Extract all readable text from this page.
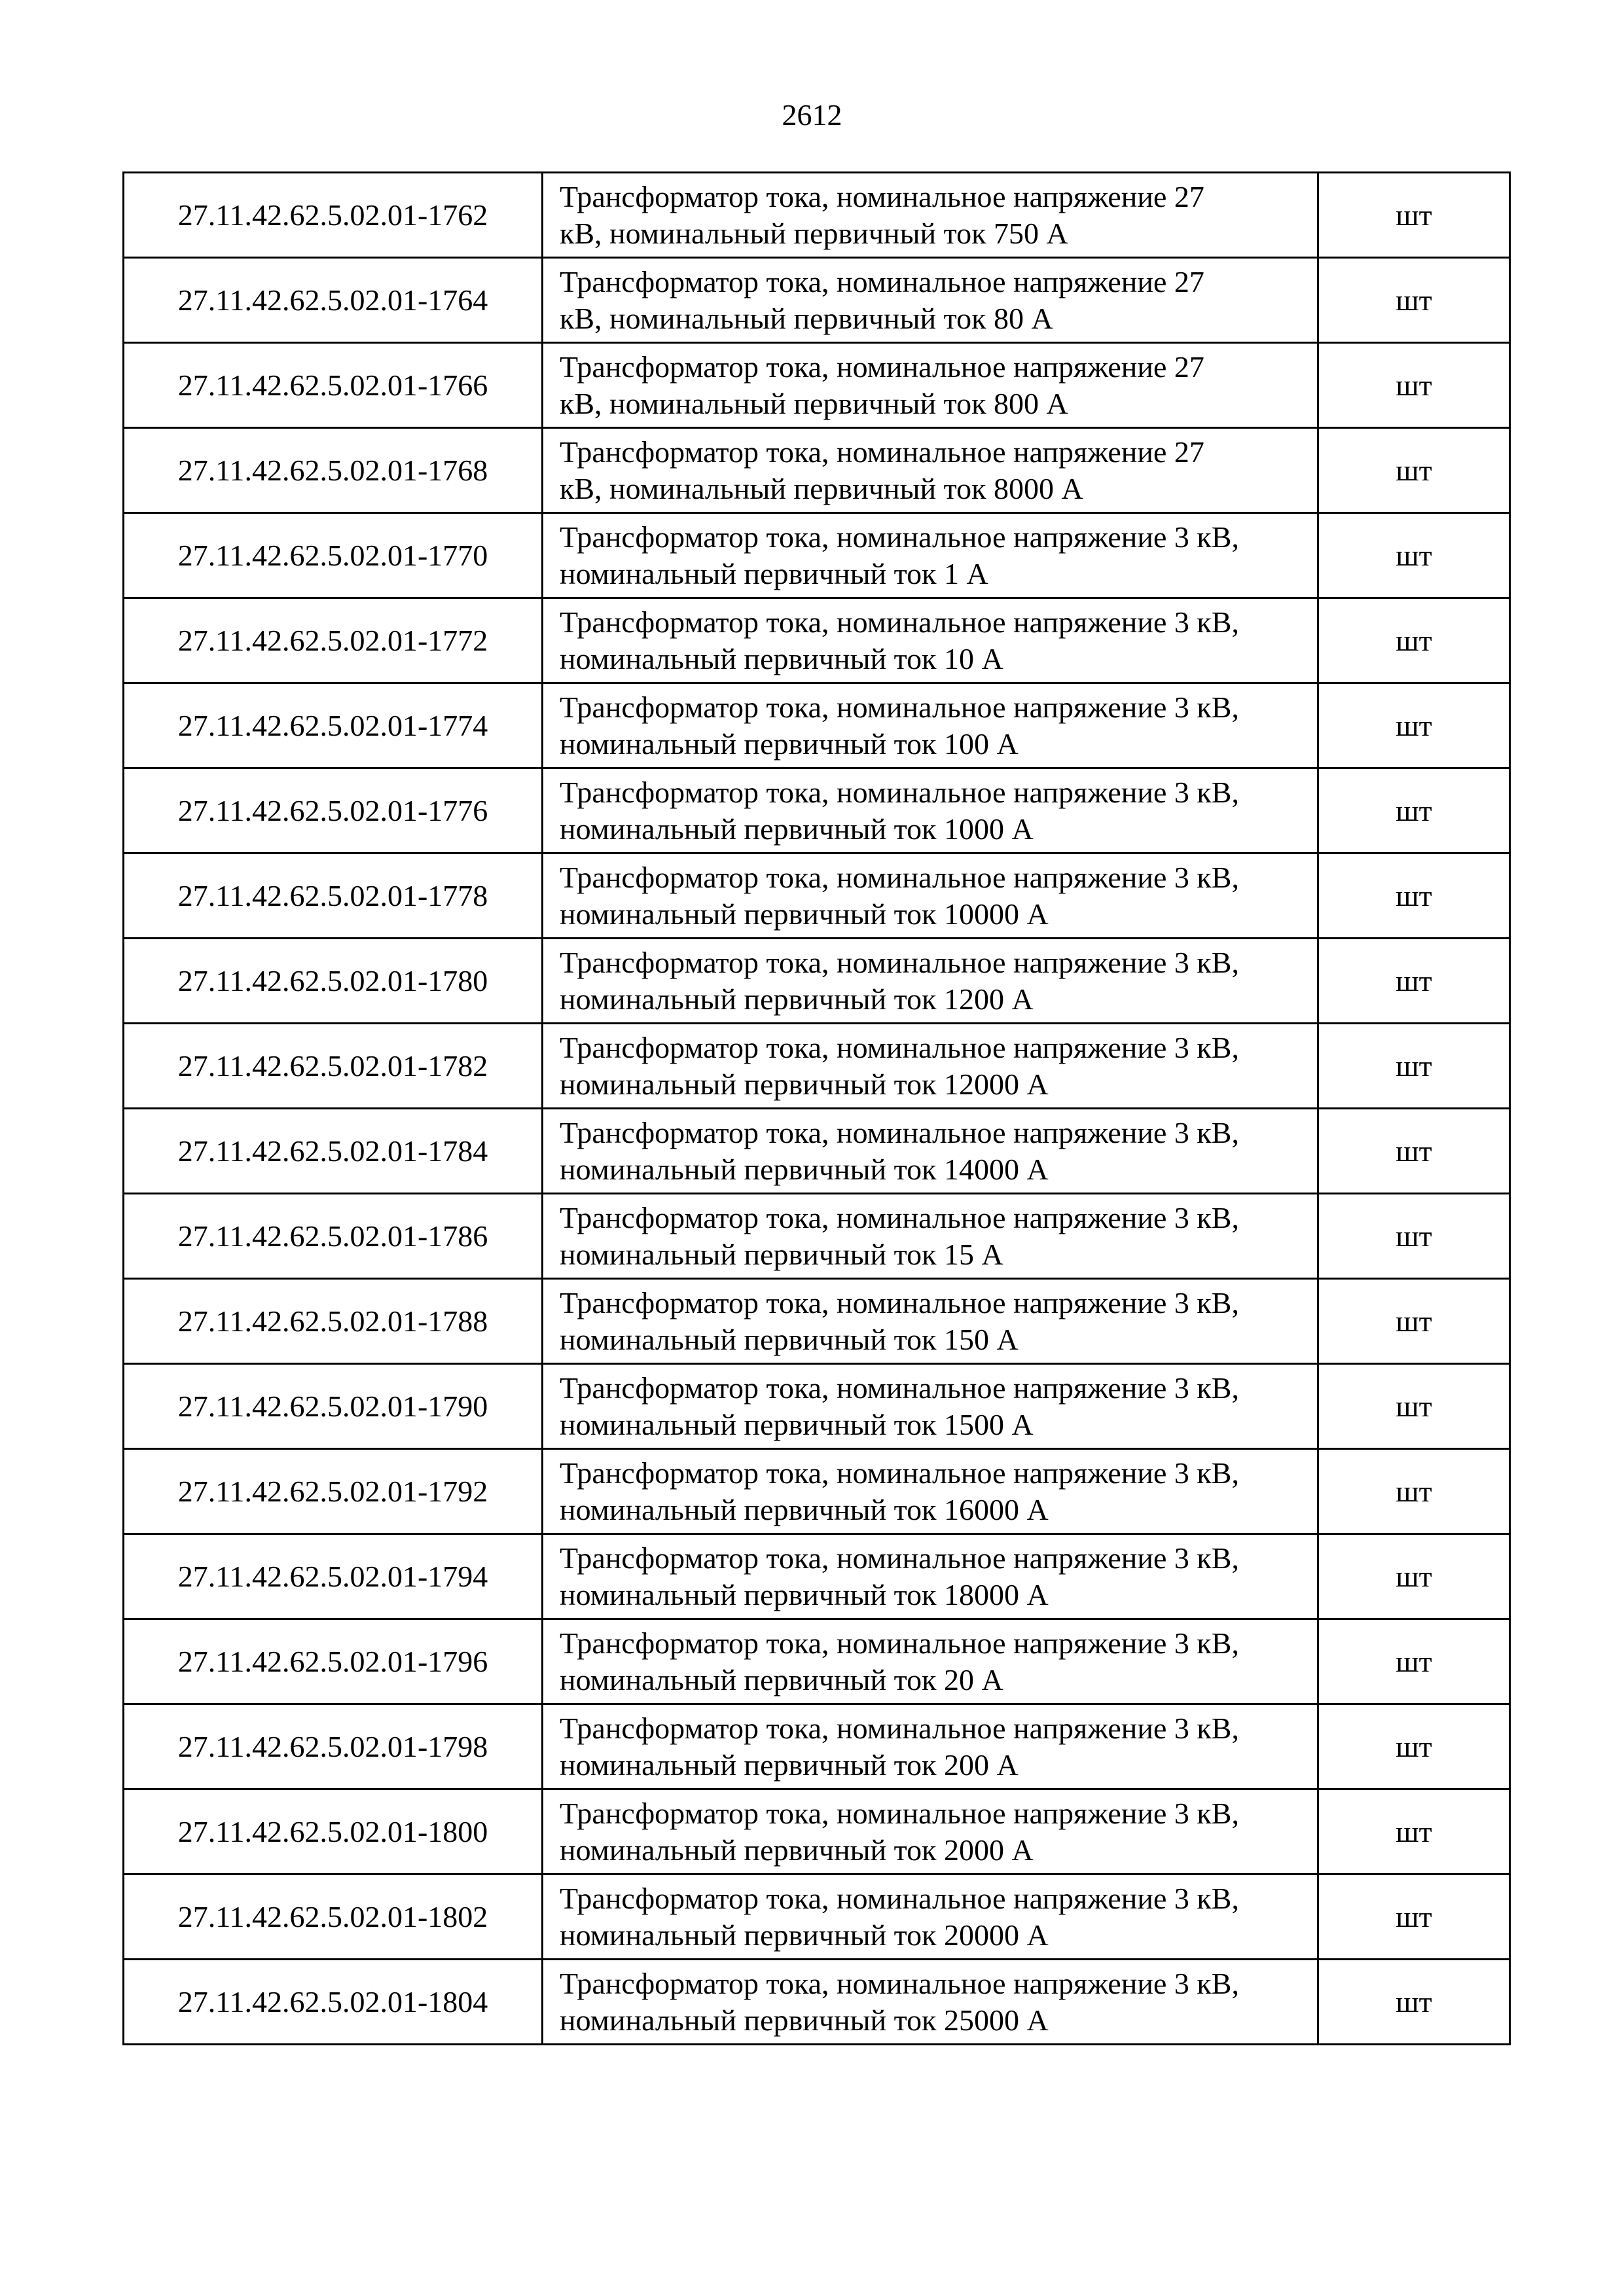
2612
27.11.42.62.5.02.01-1762	Трансформатор тока, номинальное напряжение 27
кВ, номинальный первичный ток 750 А	шт
27.11.42.62.5.02.01-1764	Трансформатор тока, номинальное напряжение 27
кВ, номинальный первичный ток 80 А	шт
27.11.42.62.5.02.01-1766	Трансформатор тока, номинальное напряжение 27
кВ, номинальный первичный ток 800 А	шт
27.11.42.62.5.02.01-1768	Трансформатор тока, номинальное напряжение 27
кВ, номинальный первичный ток 8000 А	шт
27.11.42.62.5.02.01-1770	Трансформатор тока, номинальное напряжение 3 кВ,
номинальный первичный ток 1 А	шт
27.11.42.62.5.02.01-1772	Трансформатор тока, номинальное напряжение 3 кВ,
номинальный первичный ток 10 А	шт
27.11.42.62.5.02.01-1774	Трансформатор тока, номинальное напряжение 3 кВ,
номинальный первичный ток 100 А	шт
27.11.42.62.5.02.01-1776	Трансформатор тока, номинальное напряжение 3 кВ,
номинальный первичный ток 1000 А	шт
27.11.42.62.5.02.01-1778	Трансформатор тока, номинальное напряжение 3 кВ,
номинальный первичный ток 10000 А	шт
27.11.42.62.5.02.01-1780	Трансформатор тока, номинальное напряжение 3 кВ,
номинальный первичный ток 1200 А	шт
27.11.42.62.5.02.01-1782	Трансформатор тока, номинальное напряжение 3 кВ,
номинальный первичный ток 12000 А	шт
27.11.42.62.5.02.01-1784	Трансформатор тока, номинальное напряжение 3 кВ,
номинальный первичный ток 14000 А	шт
27.11.42.62.5.02.01-1786	Трансформатор тока, номинальное напряжение 3 кВ,
номинальный первичный ток 15 А	шт
27.11.42.62.5.02.01-1788	Трансформатор тока, номинальное напряжение 3 кВ,
номинальный первичный ток 150 А	шт
27.11.42.62.5.02.01-1790	Трансформатор тока, номинальное напряжение 3 кВ,
номинальный первичный ток 1500 А	шт
27.11.42.62.5.02.01-1792	Трансформатор тока, номинальное напряжение 3 кВ,
номинальный первичный ток 16000 А	шт
27.11.42.62.5.02.01-1794	Трансформатор тока, номинальное напряжение 3 кВ,
номинальный первичный ток 18000 А	шт
27.11.42.62.5.02.01-1796	Трансформатор тока, номинальное напряжение 3 кВ,
номинальный первичный ток 20 А	шт
27.11.42.62.5.02.01-1798	Трансформатор тока, номинальное напряжение 3 кВ,
номинальный первичный ток 200 А	шт
27.11.42.62.5.02.01-1800	Трансформатор тока, номинальное напряжение 3 кВ,
номинальный первичный ток 2000 А	шт
27.11.42.62.5.02.01-1802	Трансформатор тока, номинальное напряжение 3 кВ,
номинальный первичный ток 20000 А	шт
27.11.42.62.5.02.01-1804	Трансформатор тока, номинальное напряжение 3 кВ,
номинальный первичный ток 25000 А	шт
